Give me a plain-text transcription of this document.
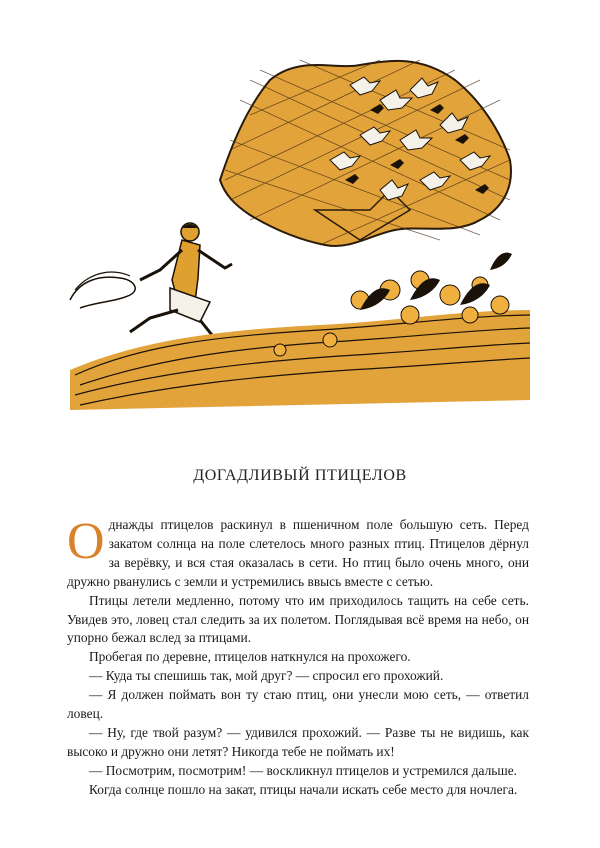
ДОГАДЛИВЫЙ ПТИЦЕЛОВ

Однажды птицелов раскинул в пшеничном поле большую сеть. Перед закатом солнца на поле слетелось много разных птиц. Птицелов дёрнул за верёвку, и вся стая оказалась в сети. Но птиц было очень много, они дружно рванулись с земли и устремились ввысь вместе с сетью.

Птицы летели медленно, потому что им приходилось тащить на себе сеть. Увидев это, ловец стал следить за их полетом. Поглядывая всё время на небо, он упорно бежал вслед за птицами.

Пробегая по деревне, птицелов наткнулся на прохожего.

— Куда ты спешишь так, мой друг? — спросил его прохожий.

— Я должен поймать вон ту стаю птиц, они унесли мою сеть, — ответил ловец.

— Ну, где твой разум? — удивился прохожий. — Разве ты не видишь, как высоко и дружно они летят? Никогда тебе не поймать их!

— Посмотрим, посмотрим! — воскликнул птицелов и устремился дальше.

Когда солнце пошло на закат, птицы начали искать себе место для ночлега.
